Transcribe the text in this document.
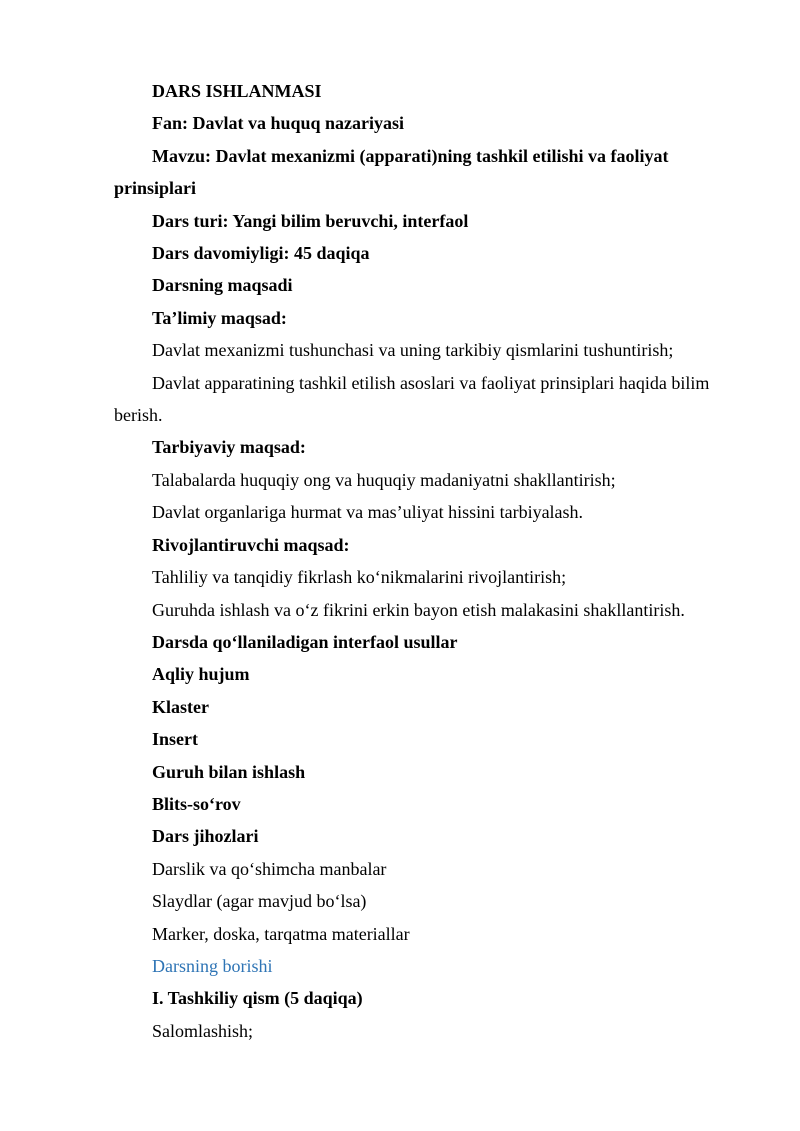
DARS ISHLANMASI

Fan: Davlat va huquq nazariyasi

Mavzu: Davlat mexanizmi (apparati)ning tashkil etilishi va faoliyat prinsiplari

Dars turi: Yangi bilim beruvchi, interfaol

Dars davomiyligi: 45 daqiqa

Darsning maqsadi

Ta’limiy maqsad:

Davlat mexanizmi tushunchasi va uning tarkibiy qismlarini tushuntirish;

Davlat apparatining tashkil etilish asoslari va faoliyat prinsiplari haqida bilim berish.

Tarbiyaviy maqsad:

Talabalarda huquqiy ong va huquqiy madaniyatni shakllantirish;

Davlat organlariga hurmat va mas’uliyat hissini tarbiyalash.

Rivojlantiruvchi maqsad:

Tahliliy va tanqidiy fikrlash koʻnikmalarini rivojlantirish;

Guruhda ishlash va oʻz fikrini erkin bayon etish malakasini shakllantirish.

Darsda qoʻllaniladigan interfaol usullar

Aqliy hujum

Klaster

Insert

Guruh bilan ishlash

Blits-soʻrov

Dars jihozlari

Darslik va qoʻshimcha manbalar

Slaydlar (agar mavjud boʻlsa)

Marker, doska, tarqatma materiallar

Darsning borishi

I. Tashkiliy qism (5 daqiqa)

Salomlashish;
